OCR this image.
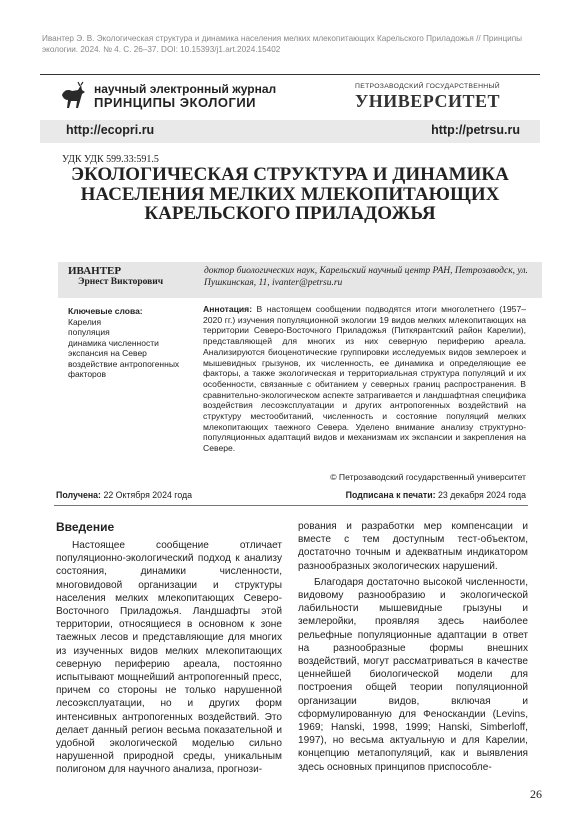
Ивантер Э. В. Экологическая структура и динамика населения мелких млекопитающих Карельского Приладожья // Принципы экологии. 2024. № 4. С. 26–37. DOI: 10.15393/j1.art.2024.15402
научный электронный журнал
ПРИНЦИПЫ ЭКОЛОГИИ
ПЕТРОЗАВОДСКИЙ ГОСУДАРСТВЕННЫЙ
УНИВЕРСИТЕТ
http://ecopri.ru	http://petrsu.ru
УДК УДК 599.33:591.5
ЭКОЛОГИЧЕСКАЯ СТРУКТУРА И ДИНАМИКА НАСЕЛЕНИЯ МЕЛКИХ МЛЕКОПИТАЮЩИХ КАРЕЛЬСКОГО ПРИЛАДОЖЬЯ
ИВАНТЕР
Эрнест Викторович
доктор биологических наук, Карельский научный центр РАН, Петрозаводск, ул. Пушкинская, 11, ivanter@petrsu.ru
Ключевые слова:
Карелия
популяция
динамика численности
экспансия на Север
воздействие антропогенных факторов
Аннотация: В настоящем сообщении подводятся итоги многолетнего (1957–2020 гг.) изучения популяционной экологии 19 видов мелких млекопитающих на территории Северо-Восточного Приладожья (Питкярантский район Карелии), представляющей для многих из них северную периферию ареала. Анализируются биоценотические группировки исследуемых видов землероек и мышевидных грызунов, их численность, ее динамика и определяющие ее факторы, а также экологическая и территориальная структура популяций и их особенности, связанные с обитанием у северных границ распространения. В сравнительно-экологическом аспекте затрагивается и ландшафтная специфика воздействия лесоэксплуатации и других антропогенных воздействий на структуру местообитаний, численность и состояние популяций мелких млекопитающих таежного Севера. Уделено внимание анализу структурно-популяционных адаптаций видов и механизмам их экспансии и закрепления на Севере.
© Петрозаводский государственный университет
Получена: 22 Октября 2024 года	Подписана к печати: 23 декабря 2024 года
Введение

Настоящее сообщение отличает популяционно-экологический подход к анализу состояния, динамики численности, многовидовой организации и структуры населения мелких млекопитающих Северо-Восточного Приладожья. Ландшафты этой территории, относящиеся в основном к зоне таежных лесов и представляющие для многих из изученных видов мелких млекопитающих северную периферию ареала, постоянно испытывают мощнейший антропогенный пресс, причем со стороны не только нарушенной лесоэксплуатации, но и других форм интенсивных антропогенных воздействий. Это делает данный регион весьма показательной и удобной экологической моделью сильно нарушенной природной среды, уникальным полигоном для научного анализа, прогнози-

рования и разработки мер компенсации и вместе с тем доступным тест-объектом, достаточно точным и адекватным индикатором разнообразных экологических нарушений.

Благодаря достаточно высокой численности, видовому разнообразию и экологической лабильности мышевидные грызуны и землеройки, проявляя здесь наиболее рельефные популяционные адаптации в ответ на разнообразные формы внешних воздействий, могут рассматриваться в качестве ценнейшей биологической модели для построения общей теории популяционной организации видов, включая и сформулированную для Феноскандии (Levins, 1969; Hanski, 1998, 1999; Hanski, Simberloff, 1997), но весьма актуальную и для Карелии, концепцию метапопуляций, как и выявления здесь основных принципов приспособле-

26
